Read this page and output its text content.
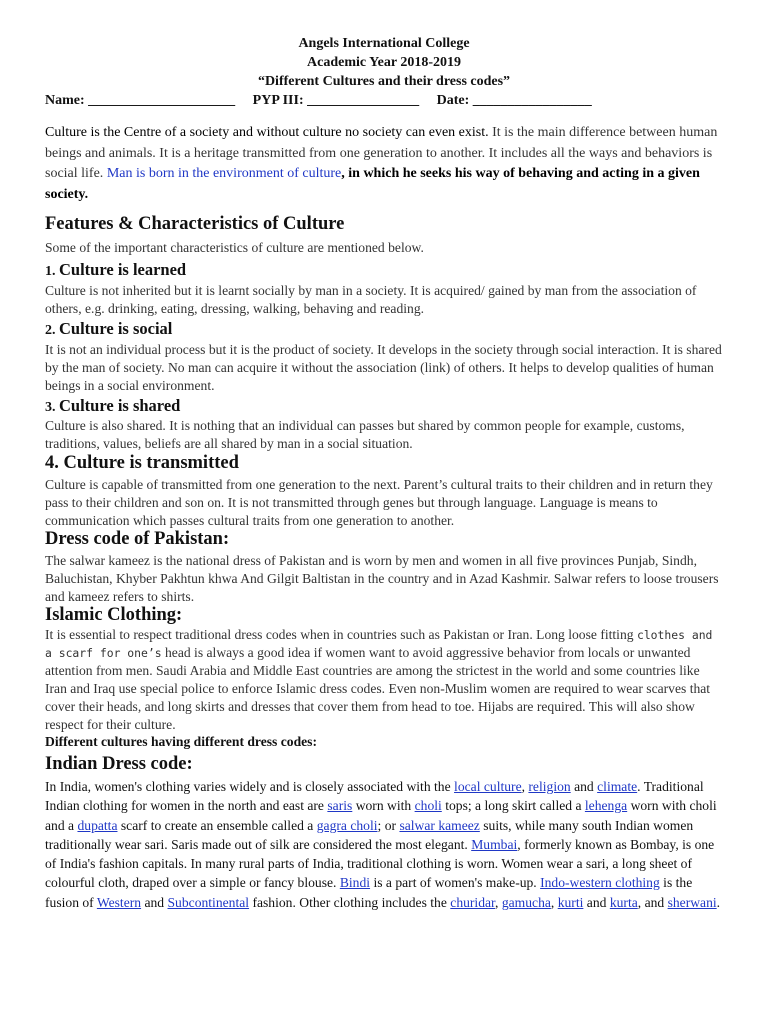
Angels International College
Academic Year 2018-2019
“Different Cultures and their dress codes”
Name: _____________________ PYP III: ________________ Date: _________________
Culture is the Centre of a society and without culture no society can even exist. It is the main difference between human beings and animals. It is a heritage transmitted from one generation to another. It includes all the ways and behaviors is social life. Man is born in the environment of culture, in which he seeks his way of behaving and acting in a given society.
Features & Characteristics of Culture
Some of the important characteristics of culture are mentioned below.
1. Culture is learned
Culture is not inherited but it is learnt socially by man in a society. It is acquired/ gained by man from the association of others, e.g. drinking, eating, dressing, walking, behaving and reading.
2. Culture is social
It is not an individual process but it is the product of society. It develops in the society through social interaction. It is shared by the man of society. No man can acquire it without the association (link) of others. It helps to develop qualities of human beings in a social environment.
3. Culture is shared
Culture is also shared. It is nothing that an individual can passes but shared by common people for example, customs, traditions, values, beliefs are all shared by man in a social situation.
4. Culture is transmitted
Culture is capable of transmitted from one generation to the next. Parent’s cultural traits to their children and in return they pass to their children and son on. It is not transmitted through genes but through language. Language is means to communication which passes cultural traits from one generation to another.
Dress code of Pakistan:
The salwar kameez is the national dress of Pakistan and is worn by men and women in all five provinces Punjab, Sindh, Baluchistan, Khyber Pakhtun khwa And Gilgit Baltistan in the country and in Azad Kashmir. Salwar refers to loose trousers and kameez refers to shirts.
Islamic Clothing:
It is essential to respect traditional dress codes when in countries such as Pakistan or Iran. Long loose fitting clothes and a scarf for one’s head is always a good idea if women want to avoid aggressive behavior from locals or unwanted attention from men. Saudi Arabia and Middle East countries are among the strictest in the world and some countries like Iran and Iraq use special police to enforce Islamic dress codes. Even non-Muslim women are required to wear scarves that cover their heads, and long skirts and dresses that cover them from head to toe. Hijabs are required. This will also show respect for their culture.
Different cultures having different dress codes:
Indian Dress code:
In India, women's clothing varies widely and is closely associated with the local culture, religion and climate. Traditional Indian clothing for women in the north and east are saris worn with choli tops; a long skirt called a lehenga worn with choli and a dupatta scarf to create an ensemble called a gagra choli; or salwar kameez suits, while many south Indian women traditionally wear sari. Saris made out of silk are considered the most elegant. Mumbai, formerly known as Bombay, is one of India's fashion capitals. In many rural parts of India, traditional clothing is worn. Women wear a sari, a long sheet of colourful cloth, draped over a simple or fancy blouse. Bindi is a part of women's make-up. Indo-western clothing is the fusion of Western and Subcontinental fashion. Other clothing includes the churidar, gamucha, kurti and kurta, and sherwani.
